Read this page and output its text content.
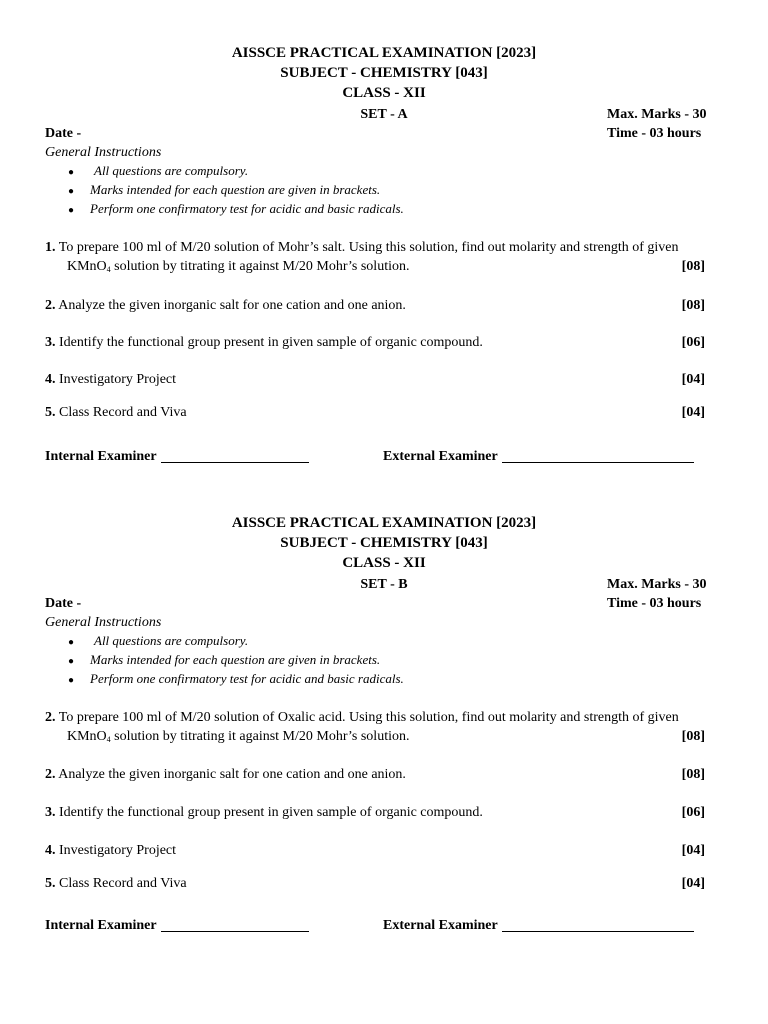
AISSCE PRACTICAL EXAMINATION [2023]
SUBJECT - CHEMISTRY [043]
CLASS - XII
SET - A	Max. Marks - 30
Date -	Time - 03 hours
General Instructions
● All questions are compulsory.
● Marks intended for each question are given in brackets.
● Perform one confirmatory test for acidic and basic radicals.
1. To prepare 100 ml of M/20 solution of Mohr’s salt. Using this solution, find out molarity and strength of given
KMnO$_4$ solution by titrating it against M/20 Mohr’s solution.	[08]
2. Analyze the given inorganic salt for one cation and one anion.	[08]
3. Identify the functional group present in given sample of organic compound.	[06]
4. Investigatory Project	[04]
5. Class Record and Viva	[04]
Internal Examiner	External Examiner
AISSCE PRACTICAL EXAMINATION [2023]
SUBJECT - CHEMISTRY [043]
CLASS - XII
SET - B	Max. Marks - 30
Date -	Time - 03 hours
General Instructions
● All questions are compulsory.
● Marks intended for each question are given in brackets.
● Perform one confirmatory test for acidic and basic radicals.
2. To prepare 100 ml of M/20 solution of Oxalic acid. Using this solution, find out molarity and strength of given
KMnO$_4$ solution by titrating it against M/20 Mohr’s solution.	[08]
2. Analyze the given inorganic salt for one cation and one anion.	[08]
3. Identify the functional group present in given sample of organic compound.	[06]
4. Investigatory Project	[04]
5. Class Record and Viva	[04]
Internal Examiner	External Examiner
